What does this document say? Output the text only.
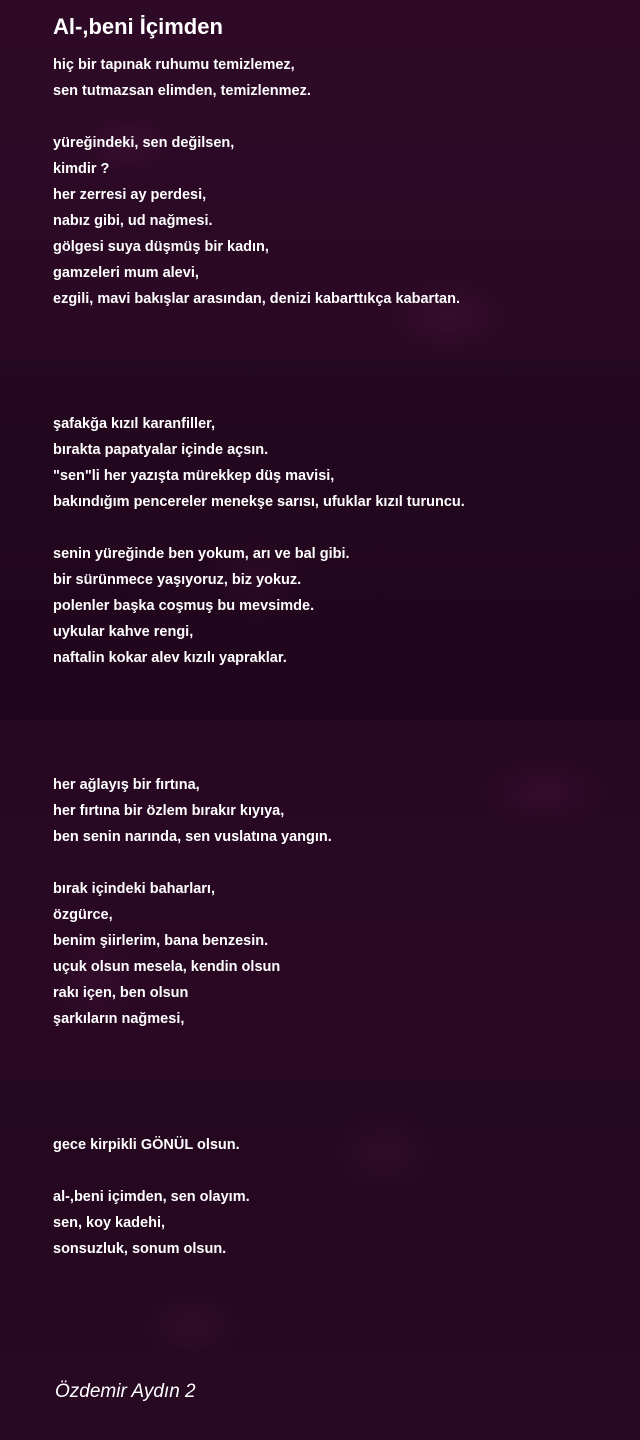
Al-,beni İçimden
hiç bir tapınak ruhumu temizlemez,
sen tutmazsan elimden, temizlenmez.
yüreğindeki, sen değilsen,
kimdir ?
her zerresi ay perdesi,
nabız gibi, ud nağmesi.
gölgesi suya düşmüş bir kadın,
gamzeleri mum alevi,
ezgili, mavi bakışlar arasından, denizi kabarttıkça kabartan.
şafakğa kızıl karanfiller,
bırakta papatyalar içinde açsın.
"sen"li her yazışta mürekkep düş mavisi,
bakındığım pencereler menekşe sarısı, ufuklar kızıl turuncu.
senin yüreğinde ben yokum, arı ve bal gibi.
bir sürünmece yaşıyoruz, biz yokuz.
polenler başka coşmuş bu mevsimde.
uykular kahve rengi,
naftalin kokar alev kızılı yapraklar.
her ağlayış bir fırtına,
her fırtına bir özlem bırakır kıyıya,
ben senin narında, sen vuslatına yangın.
bırak içindeki baharları,
özgürce,
benim şiirlerim, bana benzesin.
uçuk olsun mesela, kendin olsun
rakı içen, ben olsun
şarkıların nağmesi,
gece kirpikli GÖNÜL olsun.
al-,beni içimden, sen olayım.
sen, koy kadehi,
sonsuzluk, sonum olsun.
Özdemir Aydın 2
